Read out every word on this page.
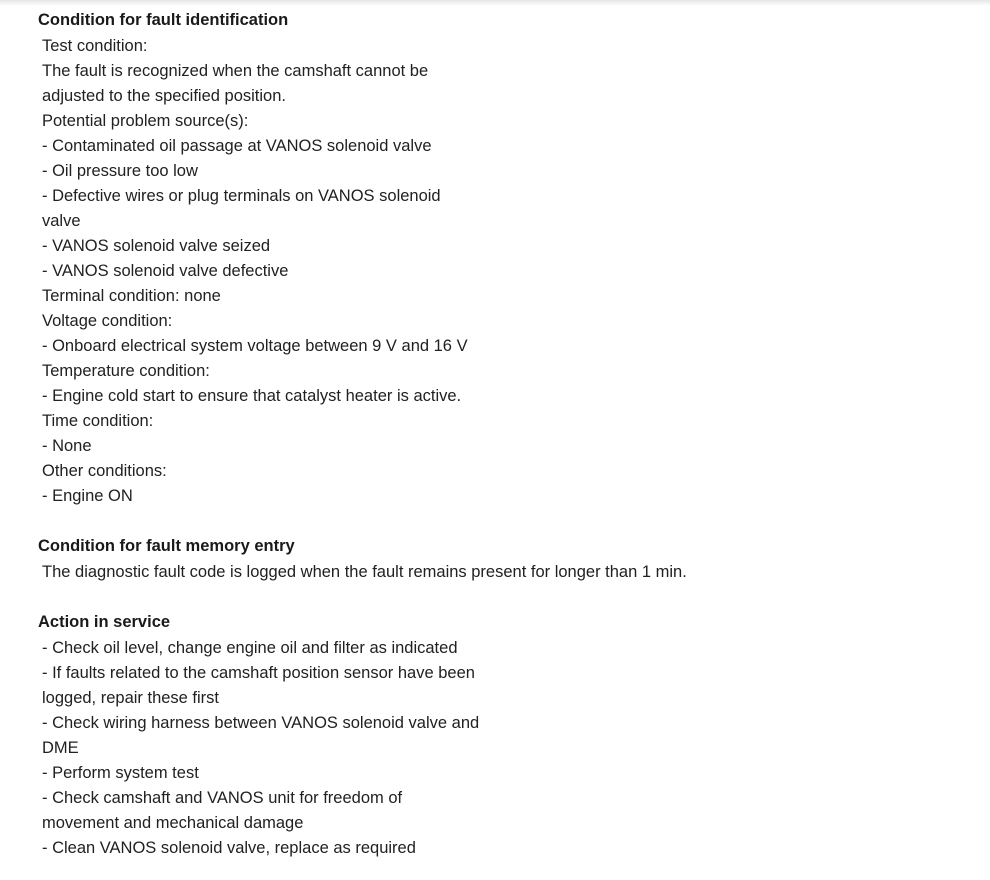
Condition for fault identification
Test condition:
The fault is recognized when the camshaft cannot be
adjusted to the specified position.
Potential problem source(s):
- Contaminated oil passage at VANOS solenoid valve
- Oil pressure too low
- Defective wires or plug terminals on VANOS solenoid
valve
- VANOS solenoid valve seized
- VANOS solenoid valve defective
Terminal condition: none
Voltage condition:
- Onboard electrical system voltage between 9 V and 16 V
Temperature condition:
- Engine cold start to ensure that catalyst heater is active.
Time condition:
- None
Other conditions:
- Engine ON
Condition for fault memory entry
The diagnostic fault code is logged when the fault remains present for longer than 1 min.
Action in service
- Check oil level, change engine oil and filter as indicated
- If faults related to the camshaft position sensor have been
logged, repair these first
- Check wiring harness between VANOS solenoid valve and
DME
- Perform system test
- Check camshaft and VANOS unit for freedom of
movement and mechanical damage
- Clean VANOS solenoid valve, replace as required
